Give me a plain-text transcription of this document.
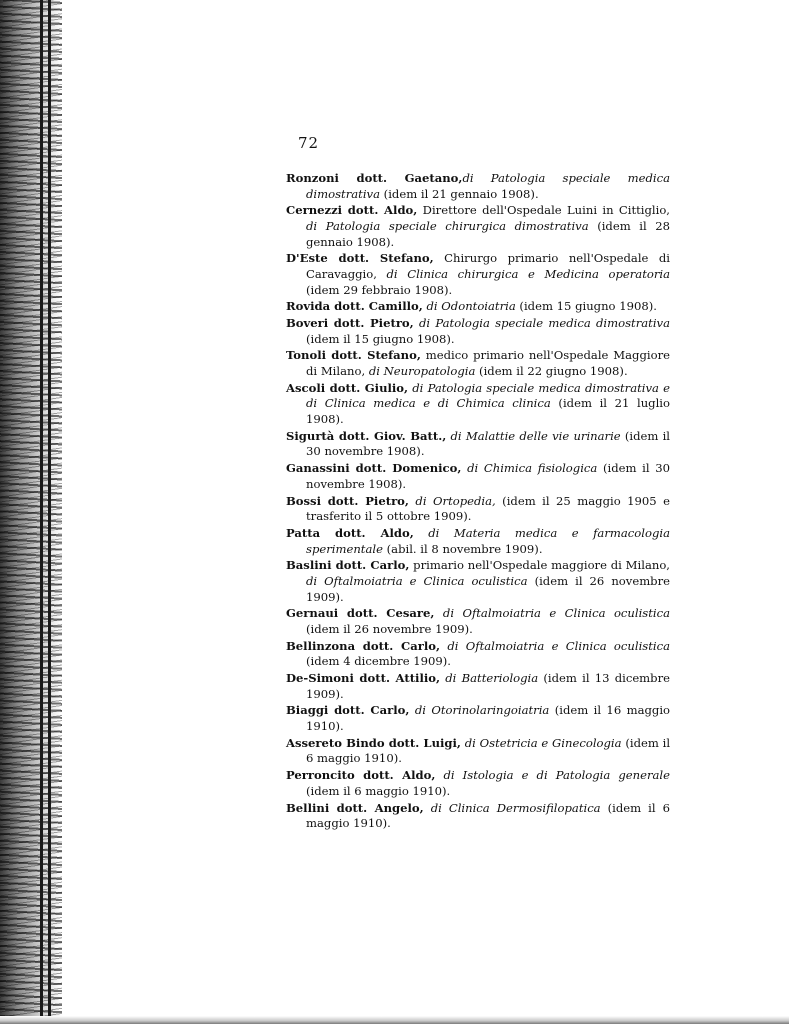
72
Ronzoni dott. Gaetano,di Patologia speciale medica dimostrativa (idem il 21 gennaio 1908).
Cernezzi dott. Aldo, Direttore dell'Ospedale Luini in Cittiglio, di Patologia speciale chirurgica dimostrativa (idem il 28 gennaio 1908).
D'Este dott. Stefano, Chirurgo primario nell'Ospedale di Caravaggio, di Clinica chirurgica e Medicina operatoria (idem 29 febbraio 1908).
Rovida dott. Camillo, di Odontoiatria (idem 15 giugno 1908).
Boveri dott. Pietro, di Patologia speciale medica dimostrativa (idem il 15 giugno 1908).
Tonoli dott. Stefano, medico primario nell'Ospedale Maggiore di Milano, di Neuropatologia (idem il 22 giugno 1908).
Ascoli dott. Giulio, di Patologia speciale medica dimostrativa e di Clinica medica e di Chimica clinica (idem il 21 luglio 1908).
Sigurtà dott. Giov. Batt., di Malattie delle vie urinarie (idem il 30 novembre 1908).
Ganassini dott. Domenico, di Chimica fisiologica (idem il 30 novembre 1908).
Bossi dott. Pietro, di Ortopedia, (idem il 25 maggio 1905 e trasferito il 5 ottobre 1909).
Patta dott. Aldo, di Materia medica e farmacologia sperimentale (abil. il 8 novembre 1909).
Baslini dott. Carlo, primario nell'Ospedale maggiore di Milano, di Oftalmoiatria e Clinica oculistica (idem il 26 novembre 1909).
Gernaui dott. Cesare, di Oftalmoiatria e Clinica oculistica (idem il 26 novembre 1909).
Bellinzona dott. Carlo, di Oftalmoiatria e Clinica oculistica (idem 4 dicembre 1909).
De-Simoni dott. Attilio, di Batteriologia (idem il 13 dicembre 1909).
Biaggi dott. Carlo, di Otorinolaringoiatria (idem il 16 maggio 1910).
Assereto Bindo dott. Luigi, di Ostetricia e Ginecologia (idem il 6 maggio 1910).
Perroncito dott. Aldo, di Istologia e di Patologia generale (idem il 6 maggio 1910).
Bellini dott. Angelo, di Clinica Dermosifilopatica (idem il 6 maggio 1910).
